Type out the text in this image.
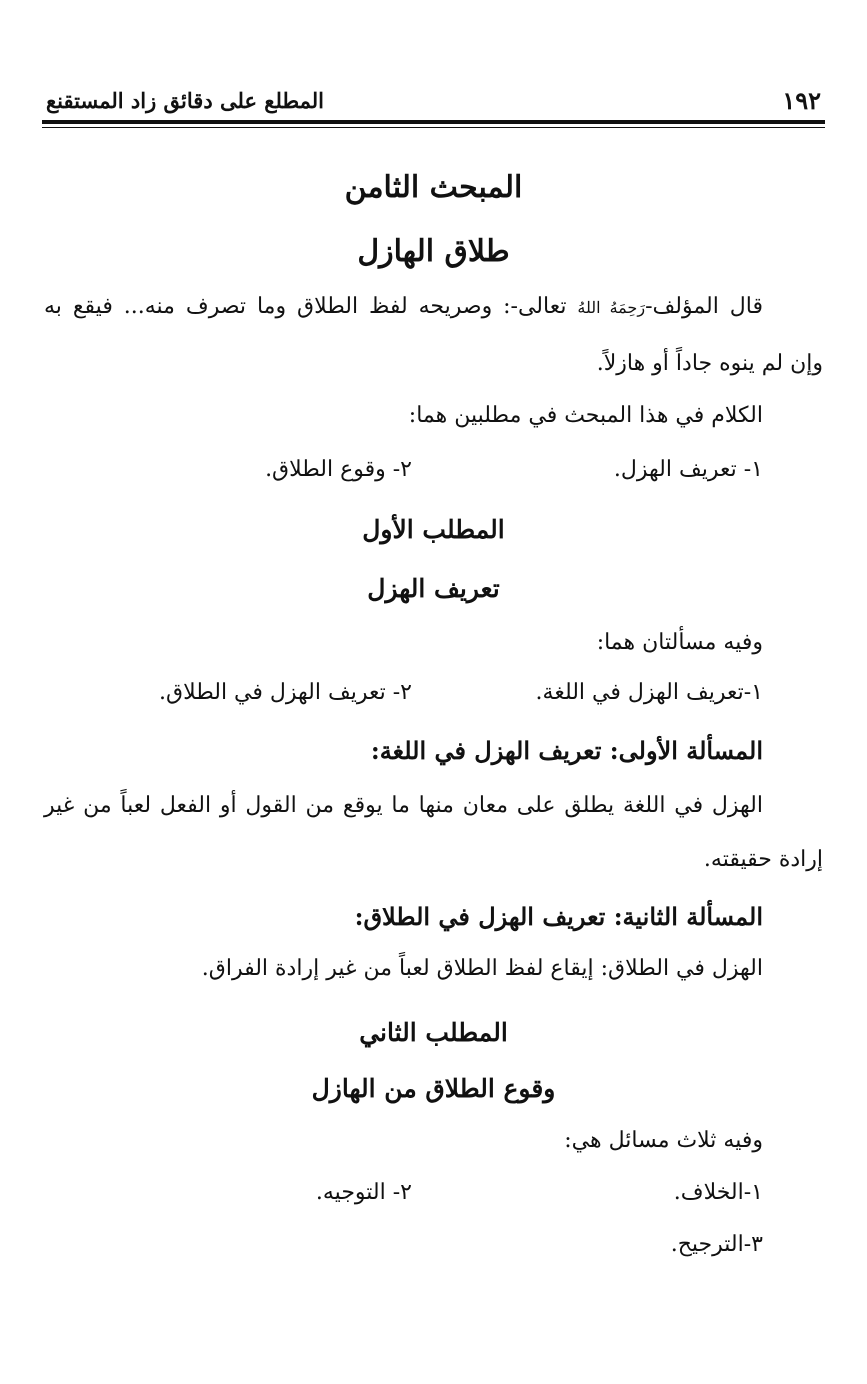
١٩٢
المطلع على دقائق زاد المستقنع
المبحث الثامن
طلاق الهازل
قال المؤلف-رَحِمَهُ اللهُ تعالى-: وصريحه لفظ الطلاق وما تصرف منه... فيقع به
وإن لم ينوه جاداً أو هازلاً.
الكلام في هذا المبحث في مطلبين هما:
١- تعريف الهزل.
٢- وقوع الطلاق.
المطلب الأول
تعريف الهزل
وفيه مسألتان هما:
١-تعريف الهزل في اللغة.
٢- تعريف الهزل في الطلاق.
المسألة الأولى: تعريف الهزل في اللغة:
الهزل في اللغة يطلق على معان منها ما يوقع من القول أو الفعل لعباً من غير
إرادة حقيقته.
المسألة الثانية: تعريف الهزل في الطلاق:
الهزل في الطلاق: إيقاع لفظ الطلاق لعباً من غير إرادة الفراق.
المطلب الثاني
وقوع الطلاق من الهازل
وفيه ثلاث مسائل هي:
١-الخلاف.
٢- التوجيه.
٣-الترجيح.
